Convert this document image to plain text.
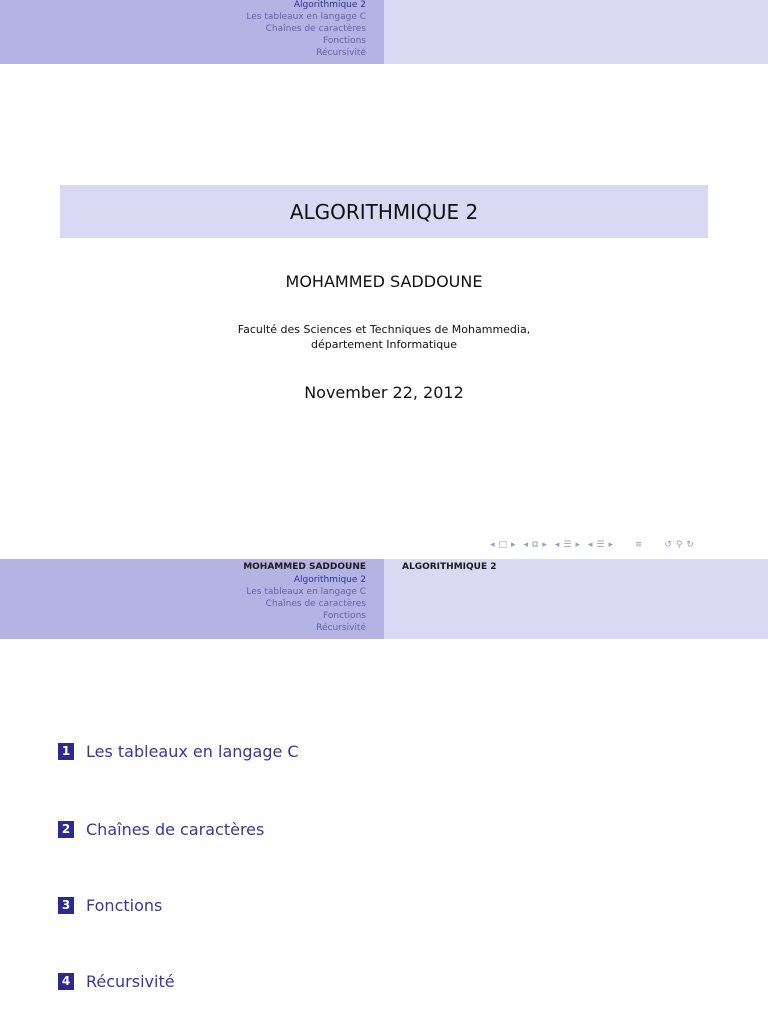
Algorithmique 2
Les tableaux en langage C
Chaînes de caractères
Fonctions
Récursivité
ALGORITHMIQUE 2
MOHAMMED SADDOUNE
Faculté des Sciences et Techniques de Mohammedia,
département Informatique
November 22, 2012
◂ □ ▸ ◂ ⧉ ▸ ◂ ☰ ▸ ◂ ☰ ▸ ≡ ↺ ⚲ ↻
MOHAMMED SADDOUNE
Algorithmique 2
Les tableaux en langage C
Chaînes de caractères
Fonctions
Récursivité
ALGORITHMIQUE 2
1 Les tableaux en langage C
2 Chaînes de caractères
3 Fonctions
4 Récursivité
